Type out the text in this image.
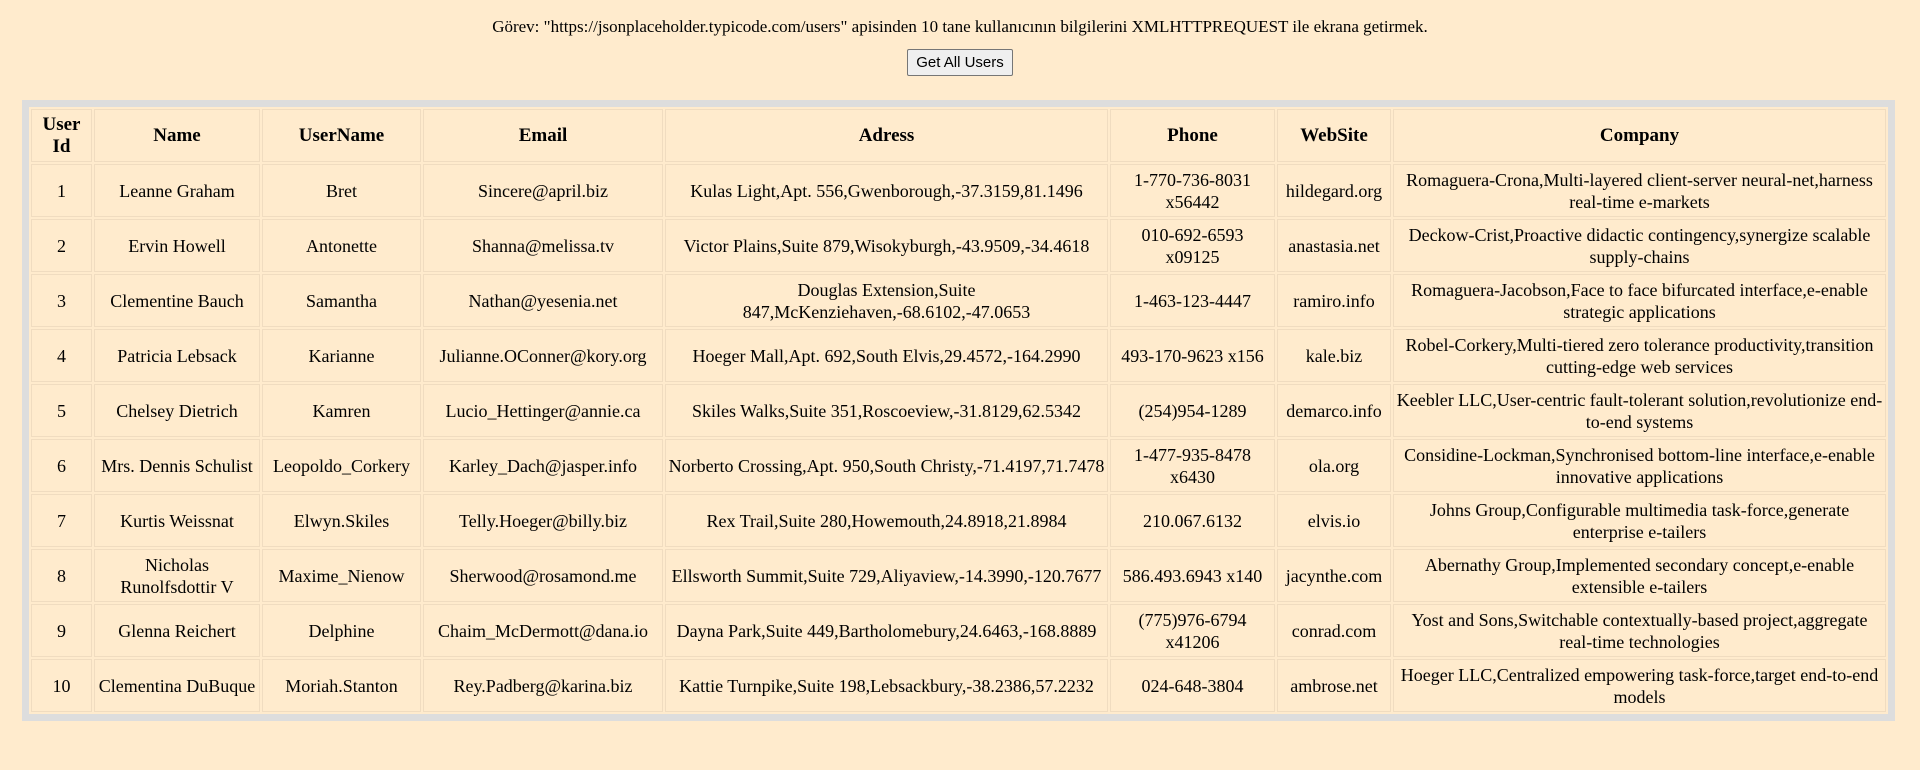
Görev: "https://jsonplaceholder.typicode.com/users" apisinden 10 tane kullanıcının bilgilerini XMLHTTPREQUEST ile ekrana getirmek.
Get All Users
User Id	Name	UserName	Email	Adress	Phone	WebSite	Company
1	Leanne Graham	Bret	Sincere@april.biz	Kulas Light,Apt. 556,Gwenborough,-37.3159,81.1496	1-770-736-8031 x56442	hildegard.org	Romaguera-Crona,Multi-layered client-server neural-net,harness real-time e-markets
2	Ervin Howell	Antonette	Shanna@melissa.tv	Victor Plains,Suite 879,Wisokyburgh,-43.9509,-34.4618	010-692-6593 x09125	anastasia.net	Deckow-Crist,Proactive didactic contingency,synergize scalable supply-chains
3	Clementine Bauch	Samantha	Nathan@yesenia.net	Douglas Extension,Suite 847,McKenziehaven,-68.6102,-47.0653	1-463-123-4447	ramiro.info	Romaguera-Jacobson,Face to face bifurcated interface,e-enable strategic applications
4	Patricia Lebsack	Karianne	Julianne.OConner@kory.org	Hoeger Mall,Apt. 692,South Elvis,29.4572,-164.2990	493-170-9623 x156	kale.biz	Robel-Corkery,Multi-tiered zero tolerance productivity,transition cutting-edge web services
5	Chelsey Dietrich	Kamren	Lucio_Hettinger@annie.ca	Skiles Walks,Suite 351,Roscoeview,-31.8129,62.5342	(254)954-1289	demarco.info	Keebler LLC,User-centric fault-tolerant solution,revolutionize end-to-end systems
6	Mrs. Dennis Schulist	Leopoldo_Corkery	Karley_Dach@jasper.info	Norberto Crossing,Apt. 950,South Christy,-71.4197,71.7478	1-477-935-8478 x6430	ola.org	Considine-Lockman,Synchronised bottom-line interface,e-enable innovative applications
7	Kurtis Weissnat	Elwyn.Skiles	Telly.Hoeger@billy.biz	Rex Trail,Suite 280,Howemouth,24.8918,21.8984	210.067.6132	elvis.io	Johns Group,Configurable multimedia task-force,generate enterprise e-tailers
8	Nicholas Runolfsdottir V	Maxime_Nienow	Sherwood@rosamond.me	Ellsworth Summit,Suite 729,Aliyaview,-14.3990,-120.7677	586.493.6943 x140	jacynthe.com	Abernathy Group,Implemented secondary concept,e-enable extensible e-tailers
9	Glenna Reichert	Delphine	Chaim_McDermott@dana.io	Dayna Park,Suite 449,Bartholomebury,24.6463,-168.8889	(775)976-6794 x41206	conrad.com	Yost and Sons,Switchable contextually-based project,aggregate real-time technologies
10	Clementina DuBuque	Moriah.Stanton	Rey.Padberg@karina.biz	Kattie Turnpike,Suite 198,Lebsackbury,-38.2386,57.2232	024-648-3804	ambrose.net	Hoeger LLC,Centralized empowering task-force,target end-to-end models
